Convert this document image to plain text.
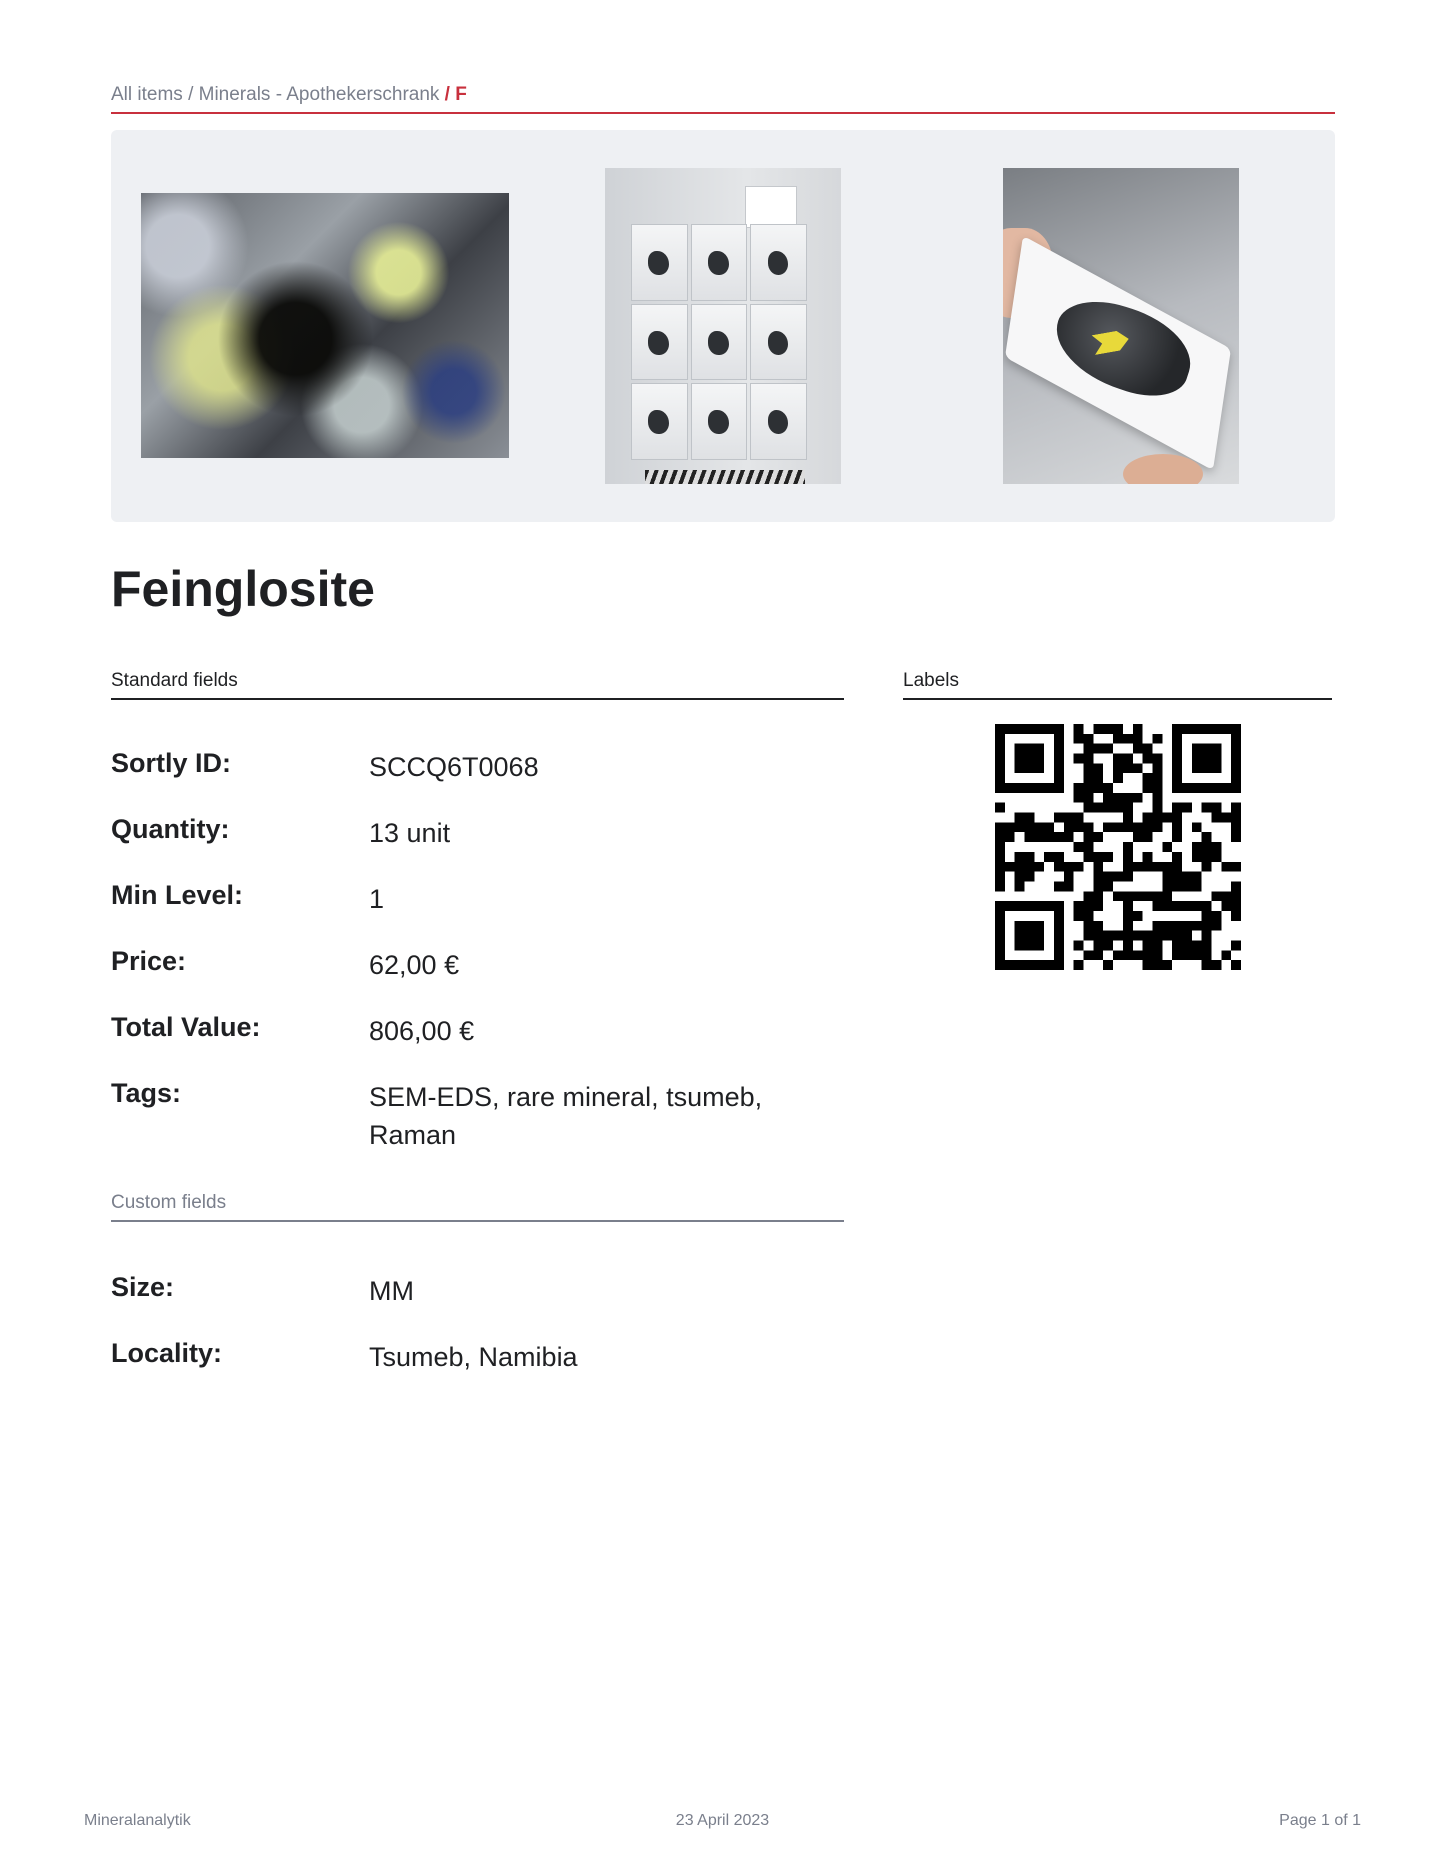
All items / Minerals - Apothekerschrank / F
Feinglosite
Standard fields	Labels
Sortly ID:	SCCQ6T0068
Quantity:	13 unit
Min Level:	1
Price:	62,00 €
Total Value:	806,00 €
Tags:	SEM-EDS, rare mineral, tsumeb, Raman
Custom fields
Size:	MM
Locality:	Tsumeb, Namibia
Mineralanalytik	23 April 2023	Page 1 of 1
